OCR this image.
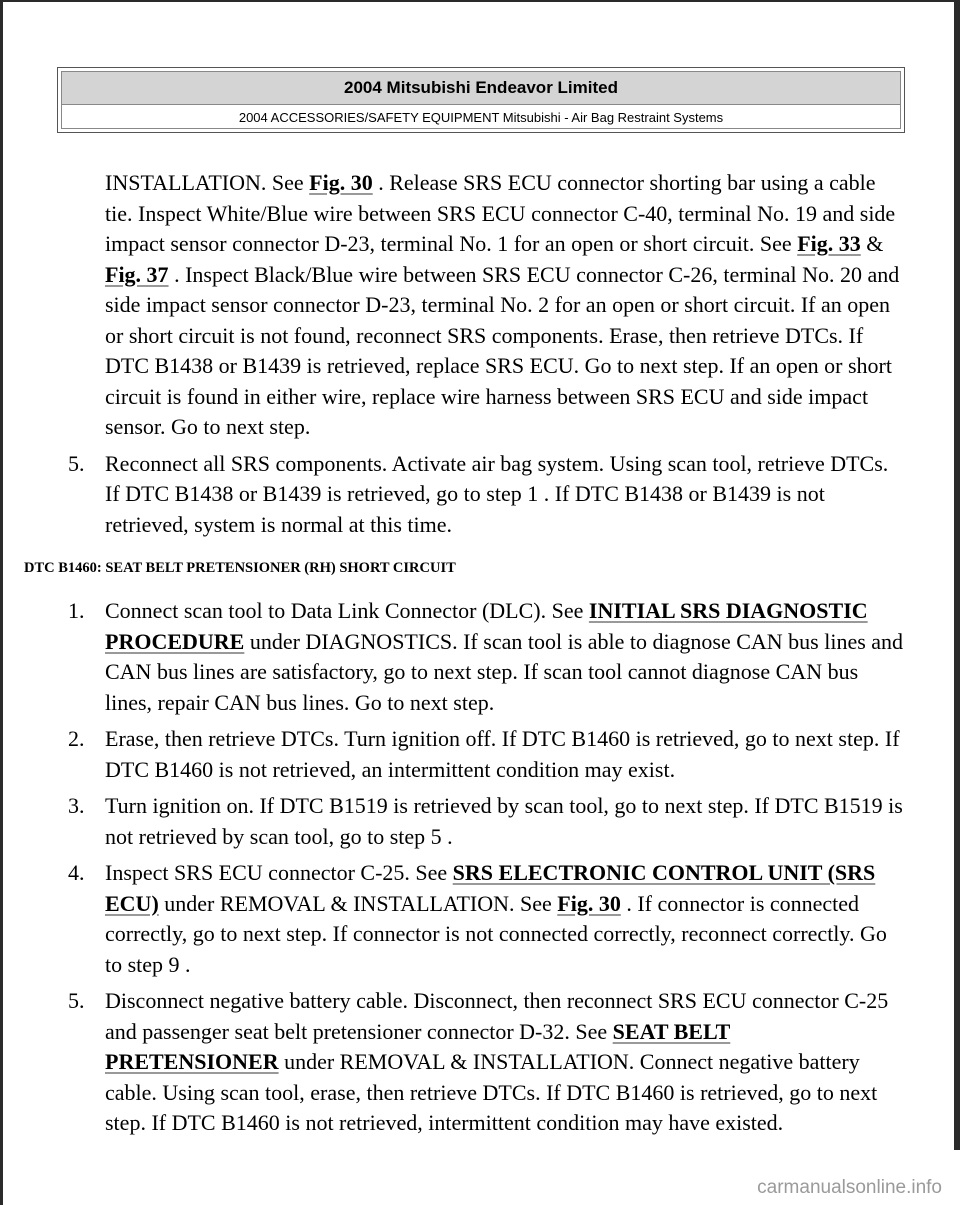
2004 Mitsubishi Endeavor Limited
2004 ACCESSORIES/SAFETY EQUIPMENT Mitsubishi - Air Bag Restraint Systems

INSTALLATION. See Fig. 30 . Release SRS ECU connector shorting bar using a cable tie. Inspect White/Blue wire between SRS ECU connector C-40, terminal No. 19 and side impact sensor connector D-23, terminal No. 1 for an open or short circuit. See Fig. 33 & Fig. 37 . Inspect Black/Blue wire between SRS ECU connector C-26, terminal No. 20 and side impact sensor connector D-23, terminal No. 2 for an open or short circuit. If an open or short circuit is not found, reconnect SRS components. Erase, then retrieve DTCs. If DTC B1438 or B1439 is retrieved, replace SRS ECU. Go to next step. If an open or short circuit is found in either wire, replace wire harness between SRS ECU and side impact sensor. Go to next step.

5. Reconnect all SRS components. Activate air bag system. Using scan tool, retrieve DTCs. If DTC B1438 or B1439 is retrieved, go to step 1 . If DTC B1438 or B1439 is not retrieved, system is normal at this time.
DTC B1460: SEAT BELT PRETENSIONER (RH) SHORT CIRCUIT
1. Connect scan tool to Data Link Connector (DLC). See INITIAL SRS DIAGNOSTIC PROCEDURE under DIAGNOSTICS. If scan tool is able to diagnose CAN bus lines and CAN bus lines are satisfactory, go to next step. If scan tool cannot diagnose CAN bus lines, repair CAN bus lines. Go to next step.
2. Erase, then retrieve DTCs. Turn ignition off. If DTC B1460 is retrieved, go to next step. If DTC B1460 is not retrieved, an intermittent condition may exist.
3. Turn ignition on. If DTC B1519 is retrieved by scan tool, go to next step. If DTC B1519 is not retrieved by scan tool, go to step 5 .
4. Inspect SRS ECU connector C-25. See SRS ELECTRONIC CONTROL UNIT (SRS ECU) under REMOVAL & INSTALLATION. See Fig. 30 . If connector is connected correctly, go to next step. If connector is not connected correctly, reconnect correctly. Go to step 9 .
5. Disconnect negative battery cable. Disconnect, then reconnect SRS ECU connector C-25 and passenger seat belt pretensioner connector D-32. See SEAT BELT PRETENSIONER under REMOVAL & INSTALLATION. Connect negative battery cable. Using scan tool, erase, then retrieve DTCs. If DTC B1460 is retrieved, go to next step. If DTC B1460 is not retrieved, intermittent condition may have existed.
carmanualsonline.info
